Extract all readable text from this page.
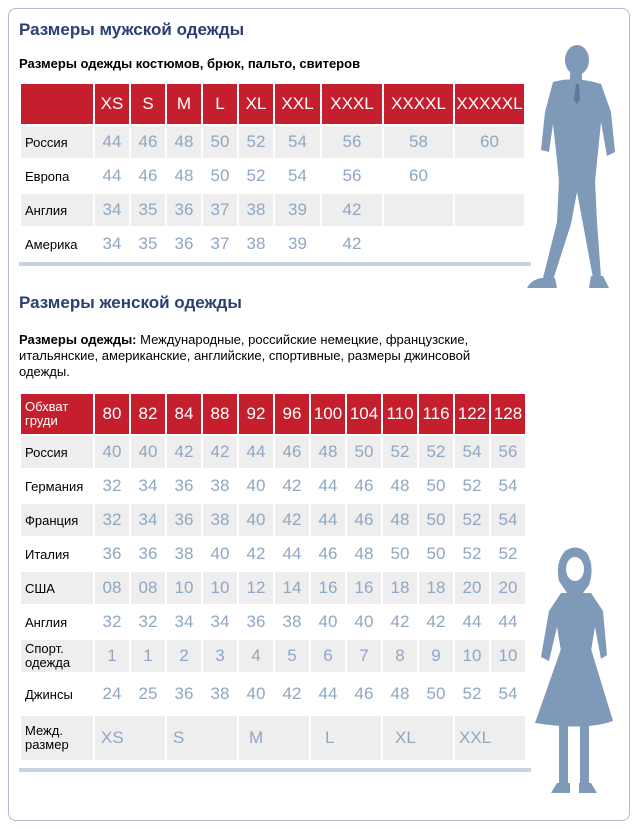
Размеры мужской одежды

Размеры одежды костюмов, брюк, пальто, свитеров

	XS	S	M	L	XL	XXL	XXXL	XXXXL	XXXXXL
Россия	44	46	48	50	52	54	56	58	60
Европа	44	46	48	50	52	54	56	60	
Англия	34	35	36	37	38	39	42		
Америка	34	35	36	37	38	39	42		
Размеры женской одежды

Размеры одежды: Международные, российские немецкие, французские, итальянские, американские, английские, спортивные, размеры джинсовой одежды.

Обхват груди	80	82	84	88	92	96	100	104	110	116	122	128
Россия	40	40	42	42	44	46	48	50	52	52	54	56
Германия	32	34	36	38	40	42	44	46	48	50	52	54
Франция	32	34	36	38	40	42	44	46	48	50	52	54
Италия	36	36	38	40	42	44	46	48	50	50	52	52
США	08	08	10	10	12	14	16	16	18	18	20	20
Англия	32	32	34	34	36	38	40	40	42	42	44	44
Спорт. одежда	1	1	2	3	4	5	6	7	8	9	10	10
Джинсы	24	25	36	38	40	42	44	46	48	50	52	54
Межд. размер	XS		S		M		L		XL		XXL	
